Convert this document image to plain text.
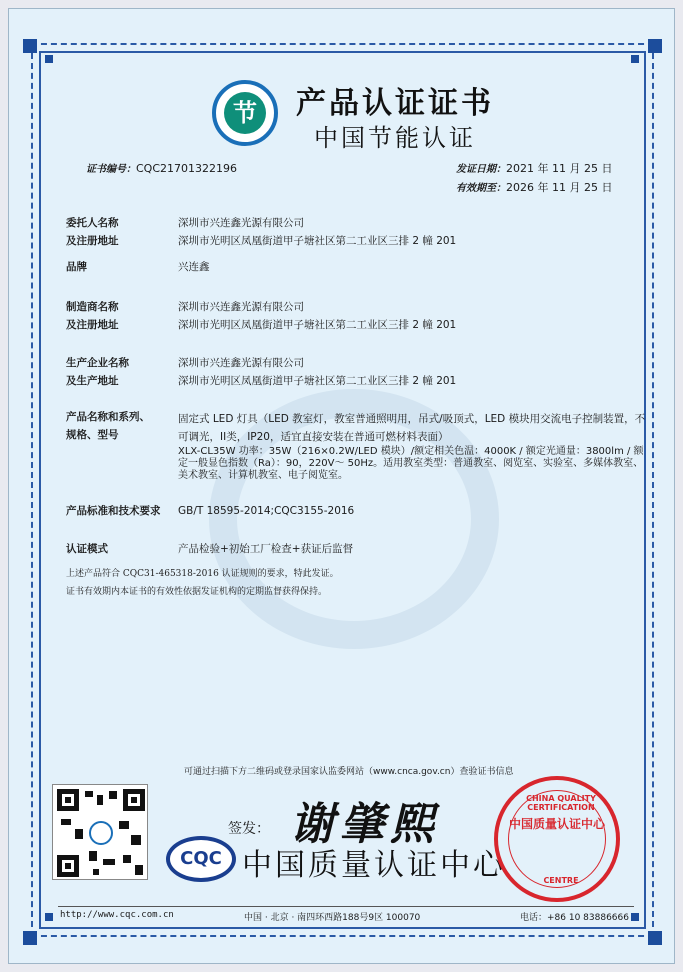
节	产品认证证书
中国节能认证
证书编号：CQC21701322196	发证日期：2021 年 11 月 25 日
有效期至：2026 年 11 月 25 日
委托人名称	深圳市兴连鑫光源有限公司
及注册地址	深圳市光明区凤凰街道甲子塘社区第二工业区三排 2 幢 201
品牌	兴连鑫
制造商名称	深圳市兴连鑫光源有限公司
及注册地址	深圳市光明区凤凰街道甲子塘社区第二工业区三排 2 幢 201
生产企业名称	深圳市兴连鑫光源有限公司
及生产地址	深圳市光明区凤凰街道甲子塘社区第二工业区三排 2 幢 201
产品名称和系列、	固定式 LED 灯具（LED 教室灯，教室普通照明用，吊式/吸顶式，LED 模块用交流电子控制装置，不可调光，II类，IP20，适宜直接安装在普通可燃材料表面）
规格、型号
XLX-CL35W 功率：35W（216×0.2W/LED 模块）/额定相关色温：4000K / 额定光通量：3800lm / 额定一般显色指数（Ra）：90，220V～ 50Hz。适用教室类型：普通教室、阅览室、实验室、多媒体教室、美术教室、计算机教室、电子阅览室。
产品标准和技术要求	GB/T 18595-2014;CQC3155-2016
认证模式	产品检验+初始工厂检查+获证后监督
上述产品符合 CQC31-465318-2016 认证规则的要求，特此发证。
证书有效期内本证书的有效性依据发证机构的定期监督获得保持。
可通过扫描下方二维码或登录国家认监委网站（www.cnca.gov.cn）查验证书信息
签发： 谢肇熙
CQC 中国质量认证中心
CHINA QUALITY CERTIFICATION
中国质量认证中心
CENTRE
http://www.cqc.com.cn	中国 · 北京 · 南四环西路188号9区 100070	电话：+86 10 83886666
